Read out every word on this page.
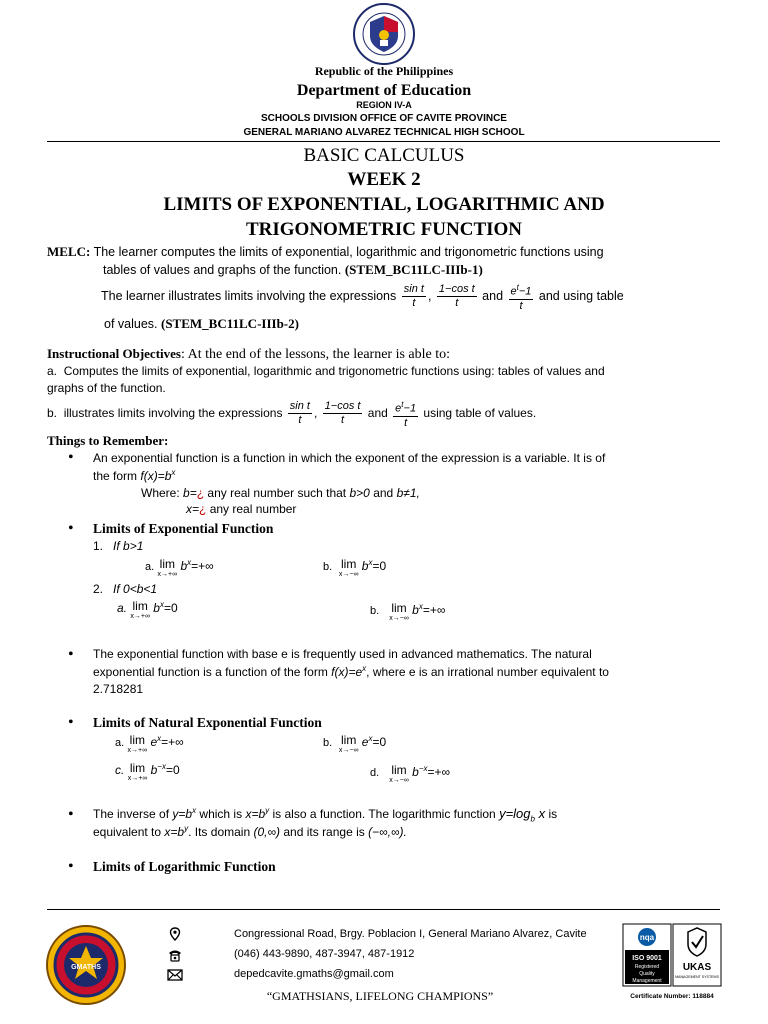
Republic of the Philippines
Department of Education
REGION IV-A
SCHOOLS DIVISION OFFICE OF CAVITE PROVINCE
GENERAL MARIANO ALVAREZ TECHNICAL HIGH SCHOOL
BASIC CALCULUS
WEEK 2
LIMITS OF EXPONENTIAL, LOGARITHMIC AND
TRIGONOMETRIC FUNCTION
MELC: The learner computes the limits of exponential, logarithmic and trigonometric functions using
tables of values and graphs of the function. (STEM_BC11LC-IIIb-1)
The learner illustrates limits involving the expressions $\frac{\text{sin t}}{t}$ , $\frac{\text{1−cos t}}{t}$ and $\frac{e^t-1}{t}$ and using table
of values. (STEM_BC11LC-IIIb-2)
Instructional Objectives: At the end of the lessons, the learner is able to:
a. Computes the limits of exponential, logarithmic and trigonometric functions using: tables of values and
graphs of the function.
b. illustrates limits involving the expressions $\frac{\text{sin t}}{t}$ , $\frac{\text{1−cos t}}{t}$ and $\frac{e^t-1}{t}$ using table of values.
Things to Remember:
• An exponential function is a function in which the exponent of the expression is a variable. It is of
the form $f(x)=b^x$
Where: b=¿ any real number such that b>0 and b≠1,
x=¿ any real number
• Limits of Exponential Function
1. If b>1
a. lim
x→+∞
$b^x=+\infty$	b. lim
x→−∞
$b^x=0$
2. If 0<b<1
a. lim
x→+∞
$b^x=0$	b. lim
x→−∞
$b^x=+\infty$
• The exponential function with base e is frequently used in advanced mathematics. The natural
exponential function is a function of the form $f(x)=e^x$, where e is an irrational number equivalent to
2.718281
• Limits of Natural Exponential Function
a. lim
x→+∞
$e^x=+\infty$	b. lim
x→−∞
$e^x=0$
c. lim
x→+∞
$b^{-x}=0$	d. lim
x→−∞
$b^{-x}=+\infty$
• The inverse of $y=b^x$ which is $x=b^y$ is also a function. The logarithmic function $y=\log_b$ x is
equivalent to $x=b^y$. Its domain (0,∞) and its range is (−∞,∞).
• Limits of Logarithmic Function
GMATHS
Congressional Road, Brgy. Poblacion I, General Mariano Alvarez, Cavite
(046) 443-9890, 487-3947, 487-1912
depedcavite.gmaths@gmail.com
“GMATHSIANS, LIFELONG CHAMPIONS”
nqa
ISO 9001
Registered
Quality
Management
UKAS
MANAGEMENT SYSTEMS
Certificate Number: 118884
